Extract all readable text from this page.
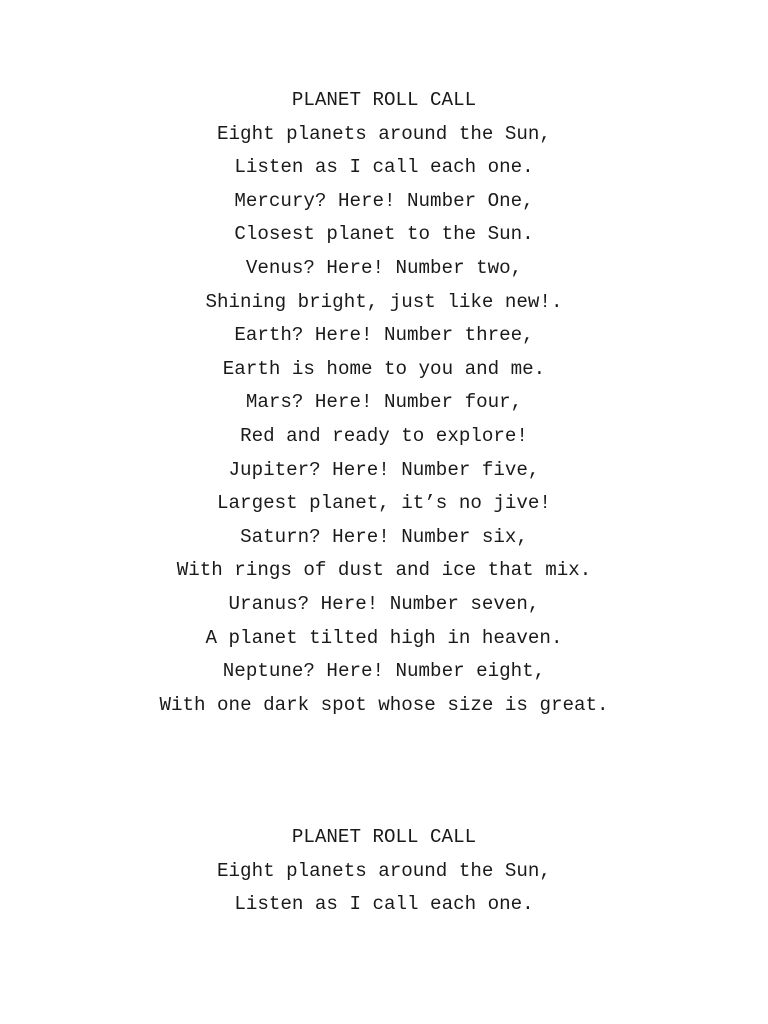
PLANET ROLL CALL

Eight planets around the Sun,

Listen as I call each one.

Mercury? Here! Number One,

Closest planet to the Sun.

Venus? Here! Number two,

Shining bright, just like new!.

Earth? Here! Number three,

Earth is home to you and me.

Mars? Here! Number four,

Red and ready to explore!

Jupiter? Here! Number five,

Largest planet, it’s no jive!

Saturn? Here! Number six,

With rings of dust and ice that mix.

Uranus? Here! Number seven,

A planet tilted high in heaven.

Neptune? Here! Number eight,

With one dark spot whose size is great.

PLANET ROLL CALL

Eight planets around the Sun,

Listen as I call each one.
